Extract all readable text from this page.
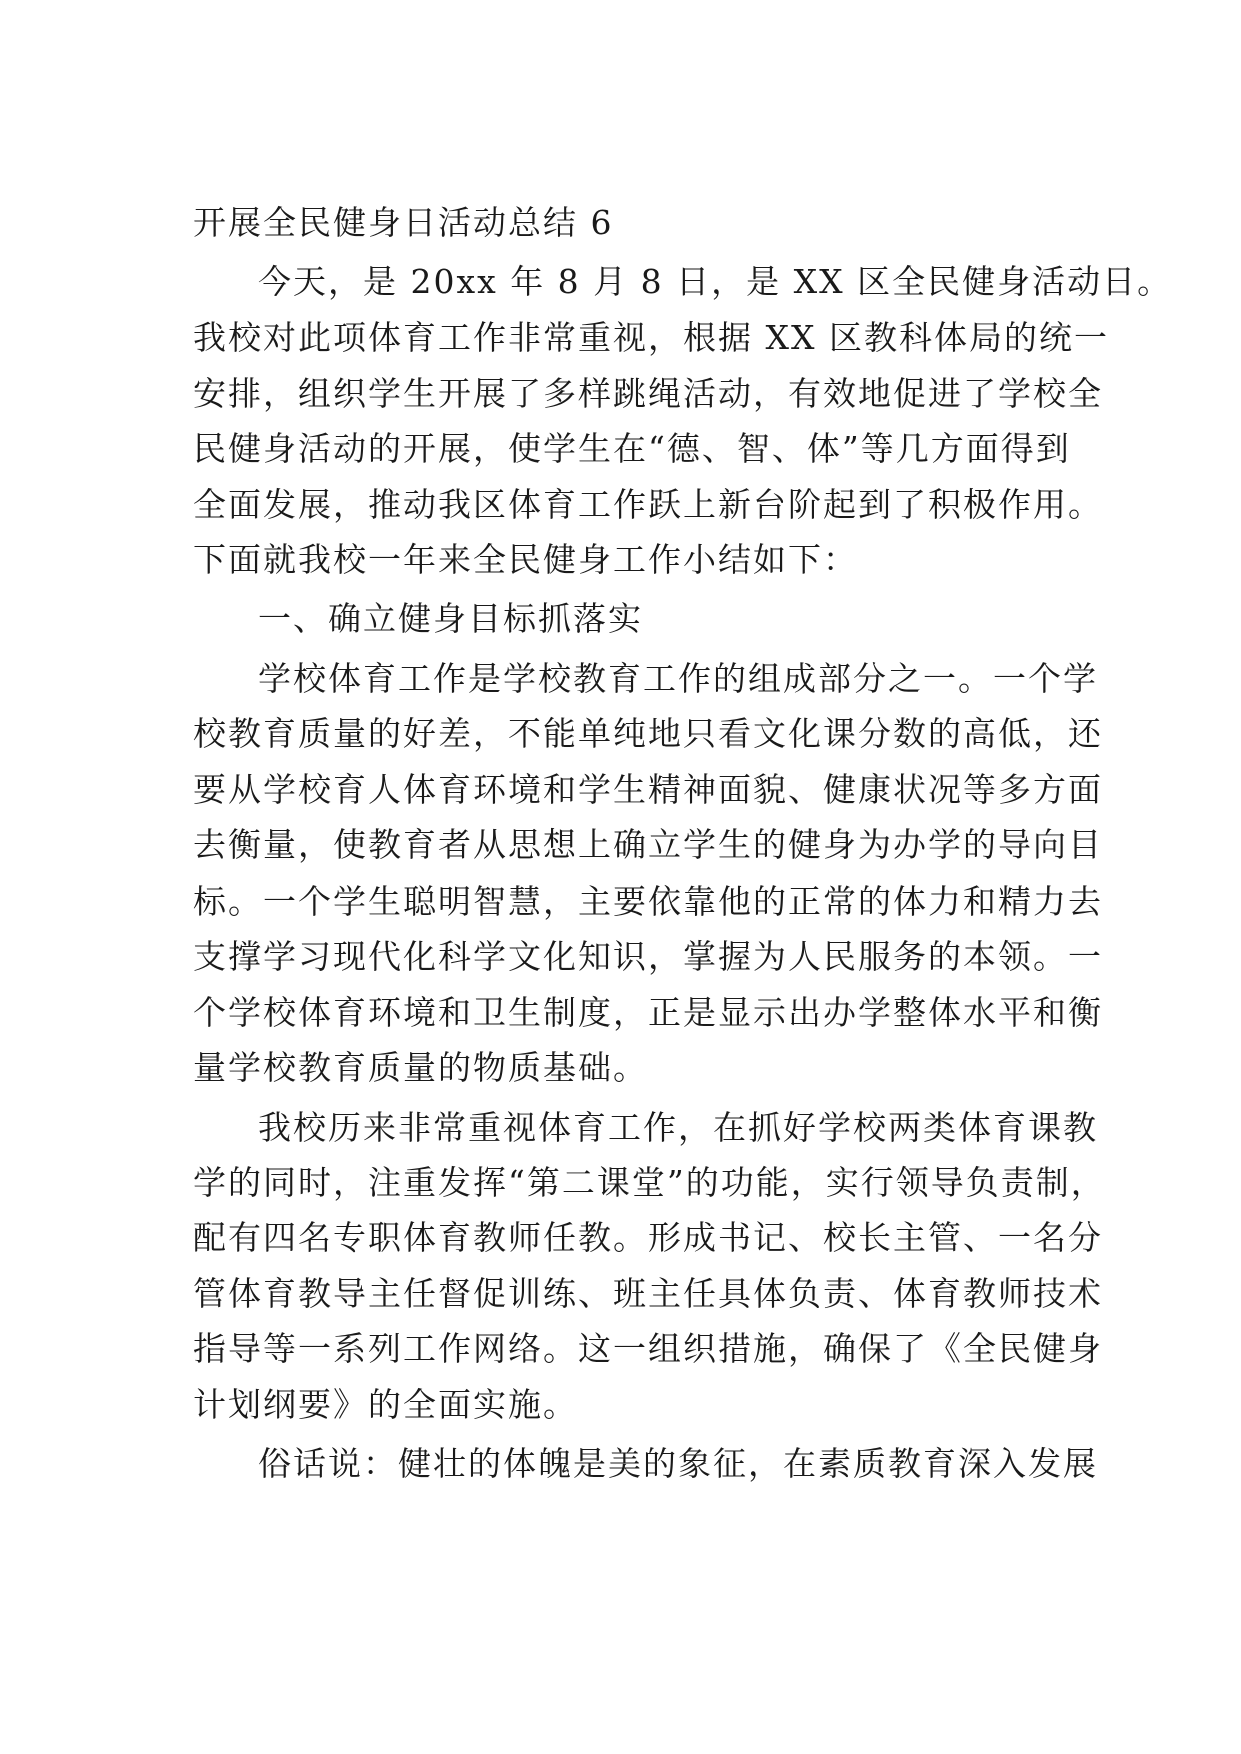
开展全民健身日活动总结 6
今天，是 20xx 年 8 月 8 日，是 XX 区全民健身活动日。
我校对此项体育工作非常重视，根据 XX 区教科体局的统一
安排，组织学生开展了多样跳绳活动，有效地促进了学校全
民健身活动的开展，使学生在“德、智、体”等几方面得到
全面发展，推动我区体育工作跃上新台阶起到了积极作用。
下面就我校一年来全民健身工作小结如下：
一、确立健身目标抓落实
学校体育工作是学校教育工作的组成部分之一。一个学
校教育质量的好差，不能单纯地只看文化课分数的高低，还
要从学校育人体育环境和学生精神面貌、健康状况等多方面
去衡量，使教育者从思想上确立学生的健身为办学的导向目
标。一个学生聪明智慧，主要依靠他的正常的体力和精力去
支撑学习现代化科学文化知识，掌握为人民服务的本领。一
个学校体育环境和卫生制度，正是显示出办学整体水平和衡
量学校教育质量的物质基础。
我校历来非常重视体育工作，在抓好学校两类体育课教
学的同时，注重发挥“第二课堂”的功能，实行领导负责制，
配有四名专职体育教师任教。形成书记、校长主管、一名分
管体育教导主任督促训练、班主任具体负责、体育教师技术
指导等一系列工作网络。这一组织措施，确保了《全民健身
计划纲要》的全面实施。
俗话说：健壮的体魄是美的象征，在素质教育深入发展
